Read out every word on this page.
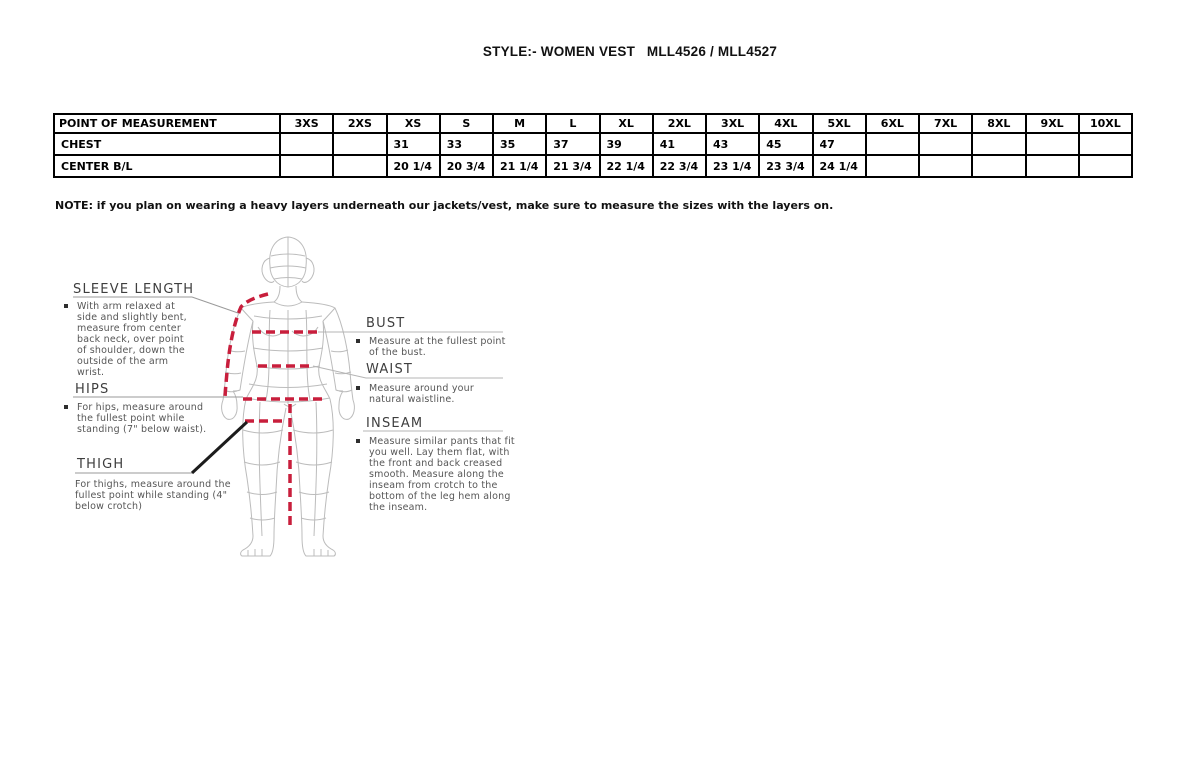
STYLE:- WOMEN VEST   MLL4526 / MLL4527
POINT OF MEASUREMENT	3XS	2XS	XS	S	M	L	XL	2XL	3XL	4XL	5XL	6XL	7XL	8XL	9XL	10XL
CHEST			31	33	35	37	39	41	43	45	47					
CENTER B/L			20 1/4	20 3/4	21 1/4	21 3/4	22 1/4	22 3/4	23 1/4	23 3/4	24 1/4					
NOTE: if you plan on wearing a heavy layers underneath our jackets/vest, make sure to measure the sizes with the layers on.
SLEEVE LENGTH
With arm relaxed at side and slightly bent, measure from center back neck, over point of shoulder, down the outside of the arm wrist.
HIPS
For hips, measure around the fullest point while standing (7" below waist).
THIGH
For thighs, measure around the fullest point while standing (4" below crotch)
BUST
Measure at the fullest point of the bust.
WAIST
Measure around your natural waistline.
INSEAM
Measure similar pants that fit you well. Lay them flat, with the front and back creased smooth. Measure along the inseam from crotch to the bottom of the leg hem along the inseam.
